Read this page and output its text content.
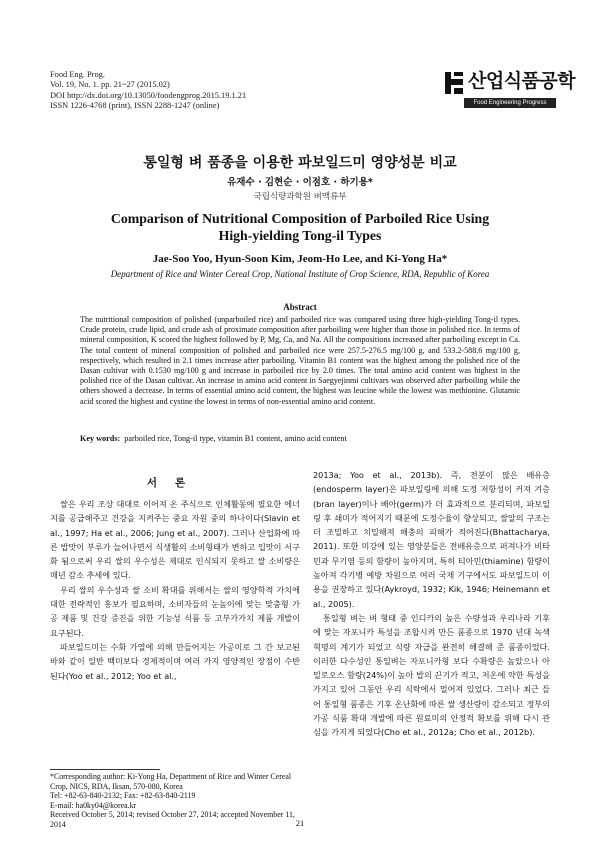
Food Eng. Prog.
Vol. 19, No. 1. pp. 21~27 (2015.02)
DOI http://dx.doi.org/10.13050/foodengprog.2015.19.1.21
ISSN 1226-4768 (print), ISSN 2288-1247 (online)
산업식품공학
Food Engineering Progress
통일형 벼 품종을 이용한 파보일드미 영양성분 비교
유재수 · 김현순 · 이점호 · 하기용*
국립식량과학원 벼맥류부
Comparison of Nutritional Composition of Parboiled Rice Using
High-yielding Tong-il Types
Jae-Soo Yoo, Hyun-Soon Kim, Jeom-Ho Lee, and Ki-Yong Ha*
Department of Rice and Winter Cereal Crop, National Institute of Crop Science, RDA, Republic of Korea
Abstract
The nutritional composition of polished (unparboiled rice) and parboiled rice was compared using three high-yielding Tong-il types. Crude protein, crude lipid, and crude ash of proximate composition after parboiling were higher than those in polished rice. In terms of mineral composition, K scored the highest followed by P, Mg, Ca, and Na. All the compositions increased after parboiling except in Ca. The total content of mineral composition of polished and parboiled rice were 257.5-276.5 mg/100 g, and 533.2-588.6 mg/100 g, respectively, which resulted in 2.1 times increase after parboiling. Vitamin B1 content was the highest among the polished rice of the Dasan cultivar with 0.1530 mg/100 g and increase in parboiled rice by 2.0 times. The total amino acid content was highest in the polished rice of the Dasan cultivar. An increase in amino acid content in Saegyejinmi cultivars was observed after parboiling while the others showed a decrease. In terms of essential amino acid content, the highest was leucine while the lowest was methionine. Glutamic acid scored the highest and cystine the lowest in terms of non-essential amino acid content.
Key words: parboiled rice, Tong-il type, vitamin B1 content, amino acid content
서론

쌀은 우리 조상 대대로 이어져 온 주식으로 인체활동에 필요한 에너지를 공급해주고 건강을 지켜주는 중요 자원 중의 하나이다(Slavin et al., 1997; Ha et al., 2006; Jung et al., 2007). 그러나 산업화에 따른 밥맛이 부루가 늘어나면서 식생활의 소비형태가 변하고 입맛이 서구화 됨으로써 우리 쌀의 우수성은 제대로 인식되지 못하고 쌀 소비량은 매년 감소 추세에 있다.

우리 쌀의 우수성과 쌀 소비 확대를 위해서는 쌀의 영양학적 가치에 대한 전략적인 홍보가 필요하며, 소비자들의 눈높이에 맞는 맞춤형 가공 제품 및 건강 증진을 위한 기능성 식품 등 고부가가치 제품 개발이 요구된다.

파보일드미는 수화 가열에 의해 만들어지는 가공미로 그 간 보고된 바와 같이 일반 백미보다 경제적이며 여러 가지 영양적인 장점이 수반된다(Yoo et al., 2012; Yoo et al.,

2013a; Yoo et al., 2013b). 즉, 전분이 많은 배유층(endosperm layer)은 파보일링에 의해 도정 저항성이 커져 겨층(bran layer)이나 배아(germ)가 더 효과적으로 분리되며, 파보일링 후 쇄미가 적어지기 때문에 도정수율이 향상되고, 쌀알의 구조는 더 조밀하고 치밀해져 해충의 피해가 적어진다(Bhattacharya, 2011). 또한 미강에 있는 영양분들은 전배유층으로 퍼져나가 비타민과 무기염 등의 함량이 높아지며, 특히 티아민(thiamine) 함량이 높아져 각기병 예방 차원으로 여러 국제 기구에서도 파보일드미 이용을 권장하고 있다(Aykroyd, 1932; Kik, 1946; Heinemann et al., 2005).

통일형 벼는 벼 형태 중 인디카의 높은 수량성과 우리나라 기후에 맞는 자포니카 특성을 조합시켜 만든 품종으로 1970 년대 녹색 혁명의 계기가 되었고 식량 자급을 완전히 해결해 준 품종이었다. 이러한 다수성인 통일벼는 자포니카형 보다 수확량은 높았으나 아밀로오스 함량(24%)이 높아 밥의 끈기가 적고, 저온에 약한 특성을 가지고 있어 그동안 우리 식탁에서 멀어져 있었다. 그러나 최근 들어 통일형 품종은 기후 온난화에 따른 쌀 생산량이 감소되고 정부의 가공 식품 확대 개발에 따른 원료미의 안정적 확보를 위해 다시 관심을 가지게 되었다(Cho et al., 2012a; Cho et al., 2012b).

*Corresponding author: Ki-Yong Ha, Department of Rice and Winter Cereal Crop, NICS, RDA, Iksan, 570-080, Korea
Tel: +82-63-840-2132; Fax: +82-63-840-2119
E-mail: ha0ky04@korea.kr
Received October 5, 2014; revised October 27, 2014; accepted November 11, 2014	21
